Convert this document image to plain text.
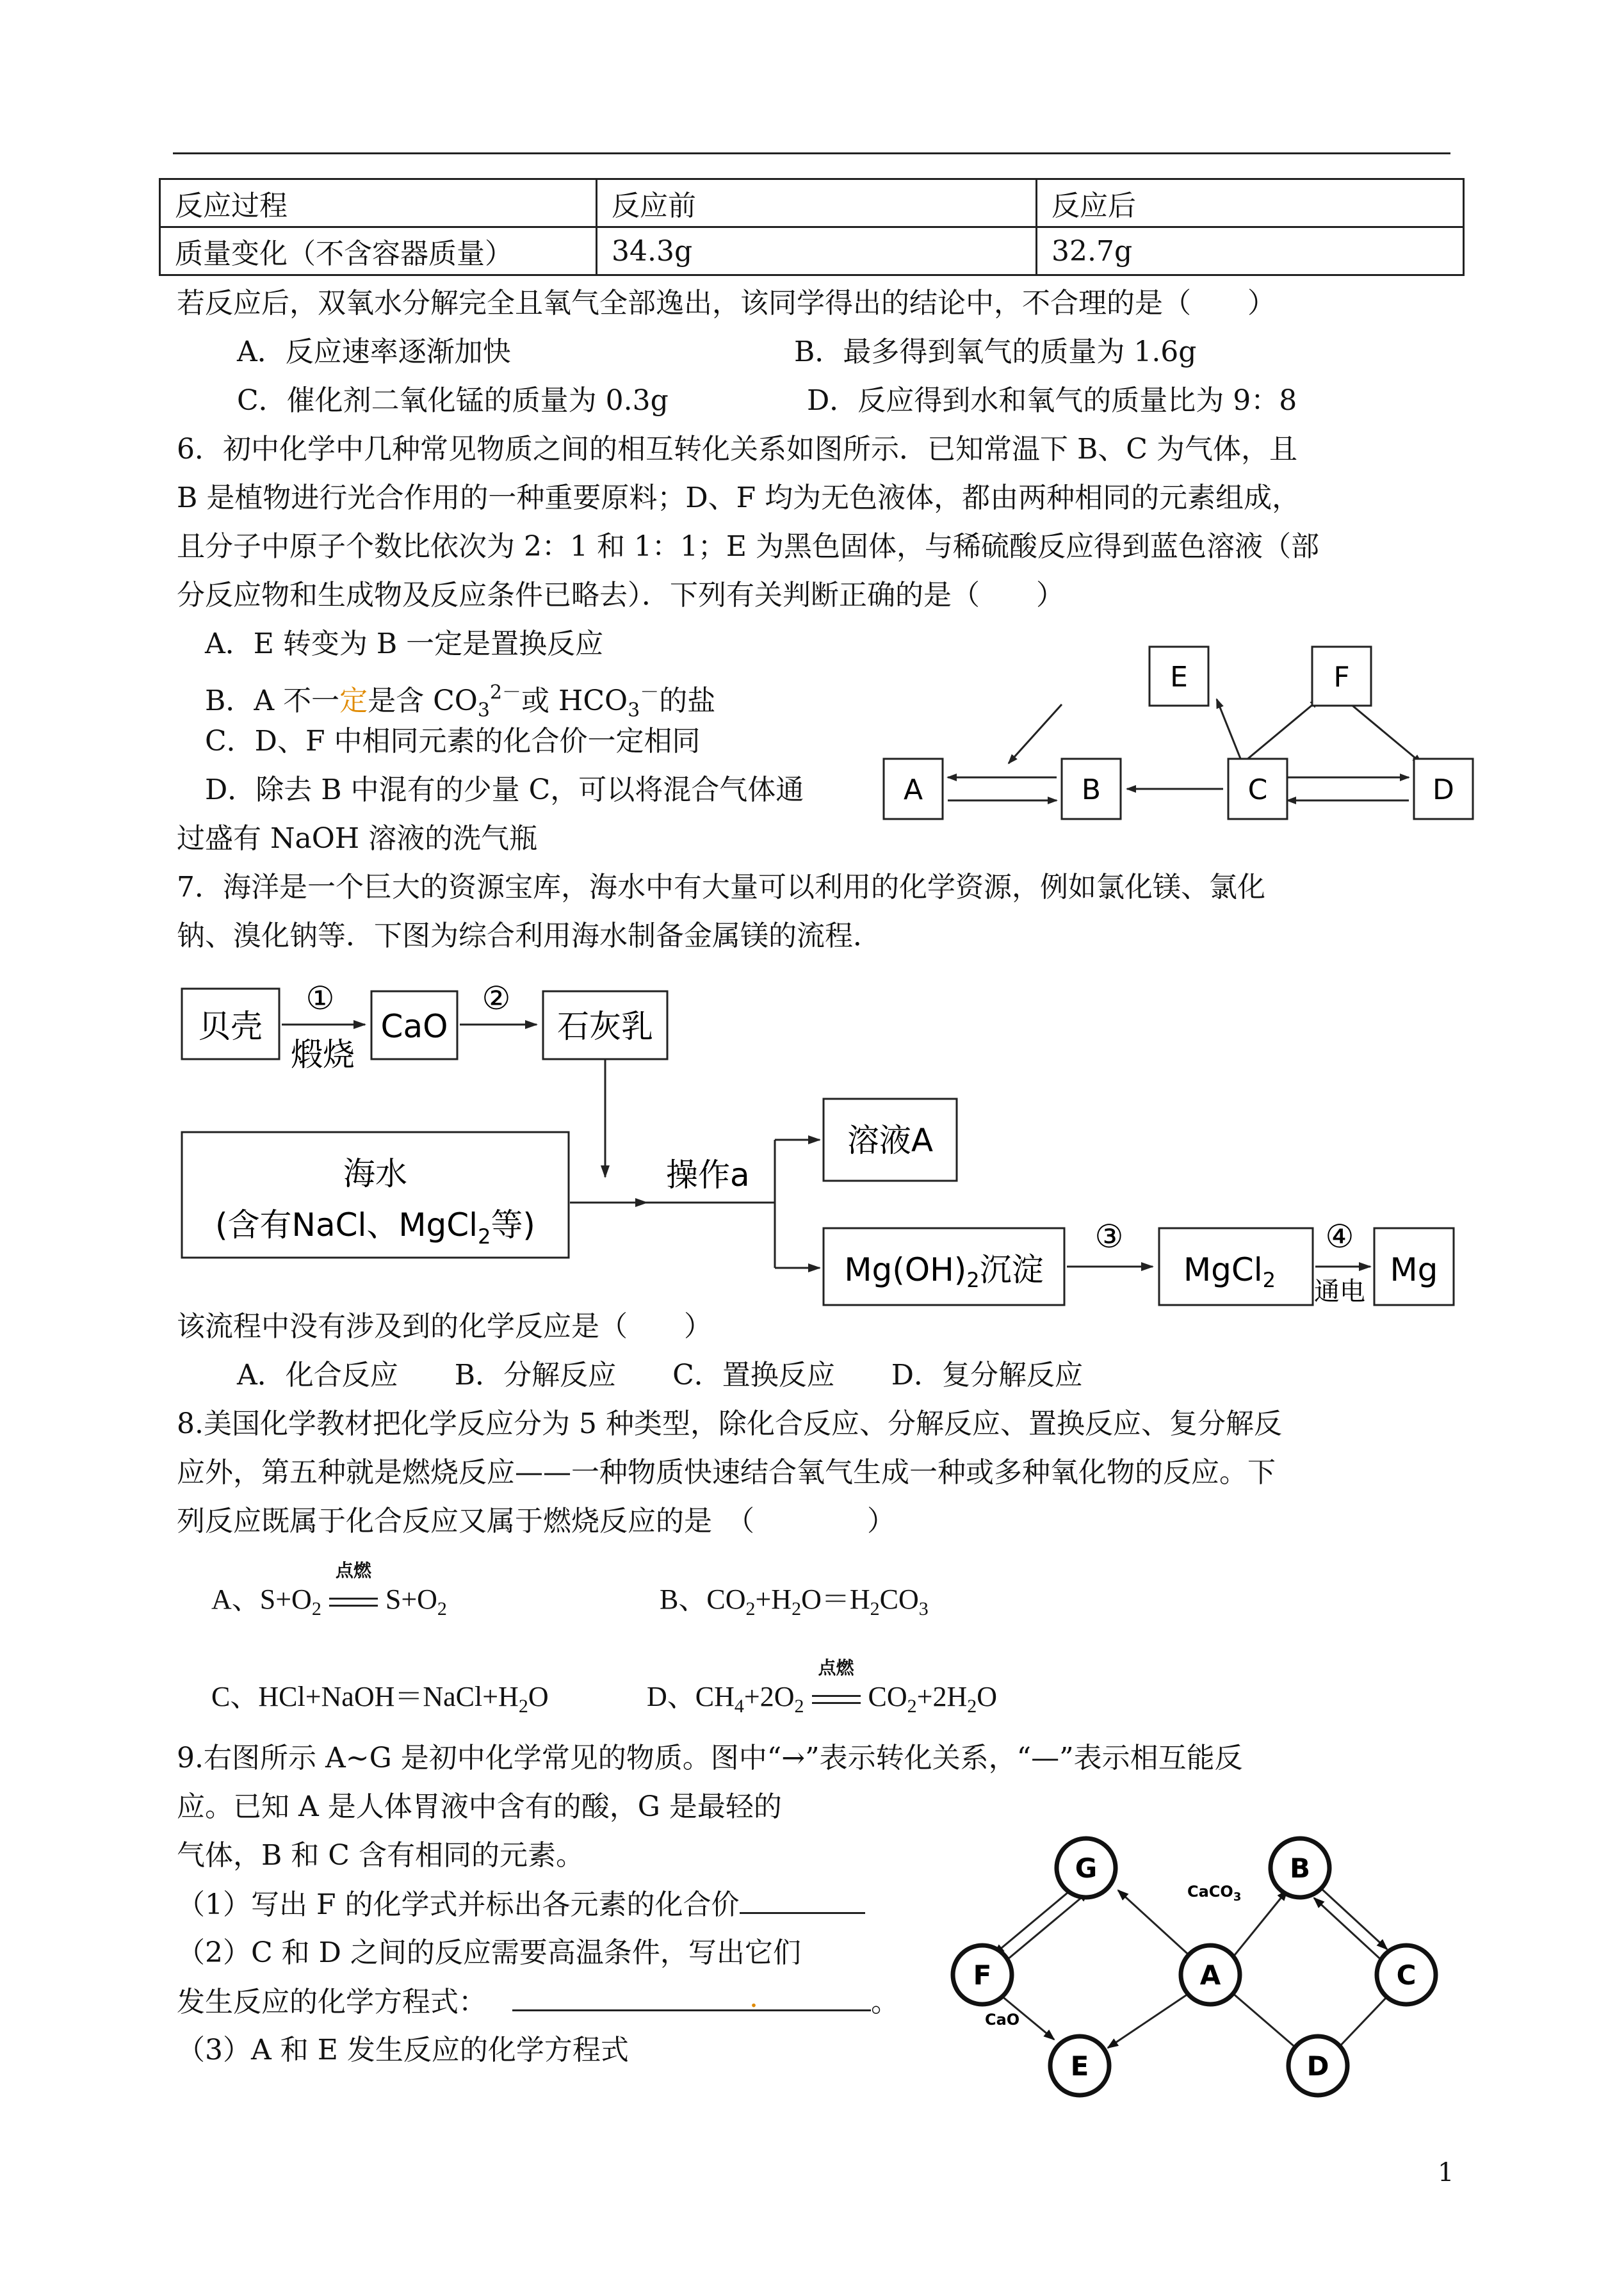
反应过程	反应前	反应后
质量变化（不含容器质量）	34.3g	32.7g
若反应后，双氧水分解完全且氧气全部逸出，该同学得出的结论中，不合理的是（　　）
A．反应速率逐渐加快	B．最多得到氧气的质量为 1.6g
C．催化剂二氧化锰的质量为 0.3g	D．反应得到水和氧气的质量比为 9：8
6．初中化学中几种常见物质之间的相互转化关系如图所示．已知常温下 B、C 为气体，且
B 是植物进行光合作用的一种重要原料；D、F 均为无色液体，都由两种相同的元素组成，
且分子中原子个数比依次为 2：1 和 1：1；E 为黑色固体，与稀硫酸反应得到蓝色溶液（部
分反应物和生成物及反应条件已略去）．下列有关判断正确的是（　　）
A．E 转变为 B 一定是置换反应
B．A 不一定是含 $CO_3^{2-}$或 $HCO_3^-$的盐
C．D、F 中相同元素的化合价一定相同
D．除去 B 中混有的少量 C，可以将混合气体通
过盛有 NaOH 溶液的洗气瓶
E	F
A	B	C	D
7．海洋是一个巨大的资源宝库，海水中有大量可以利用的化学资源，例如氯化镁、氯化
钠、溴化钠等．下图为综合利用海水制备金属镁的流程．
贝壳
①
煅烧
CaO
②
石灰乳
海水
(含有NaCl、MgCl$_2$等)
操作a
溶液A
$Mg(OH)_2$沉淀
③
MgCl$_2$
④
通电
Mg
该流程中没有涉及到的化学反应是（　　）
A．化合反应　　B．分解反应　　C．置换反应　　D．复分解反应
8.美国化学教材把化学反应分为 5 种类型，除化合反应、分解反应、置换反应、复分解反
应外，第五种就是燃烧反应——一种物质快速结合氧气生成一种或多种氧化物的反应。下
列反应既属于化合反应又属于燃烧反应的是　（　　　　）
A、$S+O_2$
点燃
$S+O_2$	B、$CO_2+H_2O=H_2CO_3$
C、$HCl+NaOH=NaCl+H_2O$	D、$CH_4+2O_2$
点燃
$CO_2+2H_2O$
9.右图所示 A~G 是初中化学常见的物质。图中“→”表示转化关系，“—”表示相互能反
应。已知 A 是人体胃液中含有的酸，G 是最轻的
气体，B 和 C 含有相同的元素。
（1）写出 F 的化学式并标出各元素的化合价
（2）C 和 D 之间的反应需要高温条件，写出它们
发生反应的化学方程式：	.	。
（3）A 和 E 发生反应的化学方程式
CaO
CaCO$_3$
G	B
F	A	C
E	D
1
